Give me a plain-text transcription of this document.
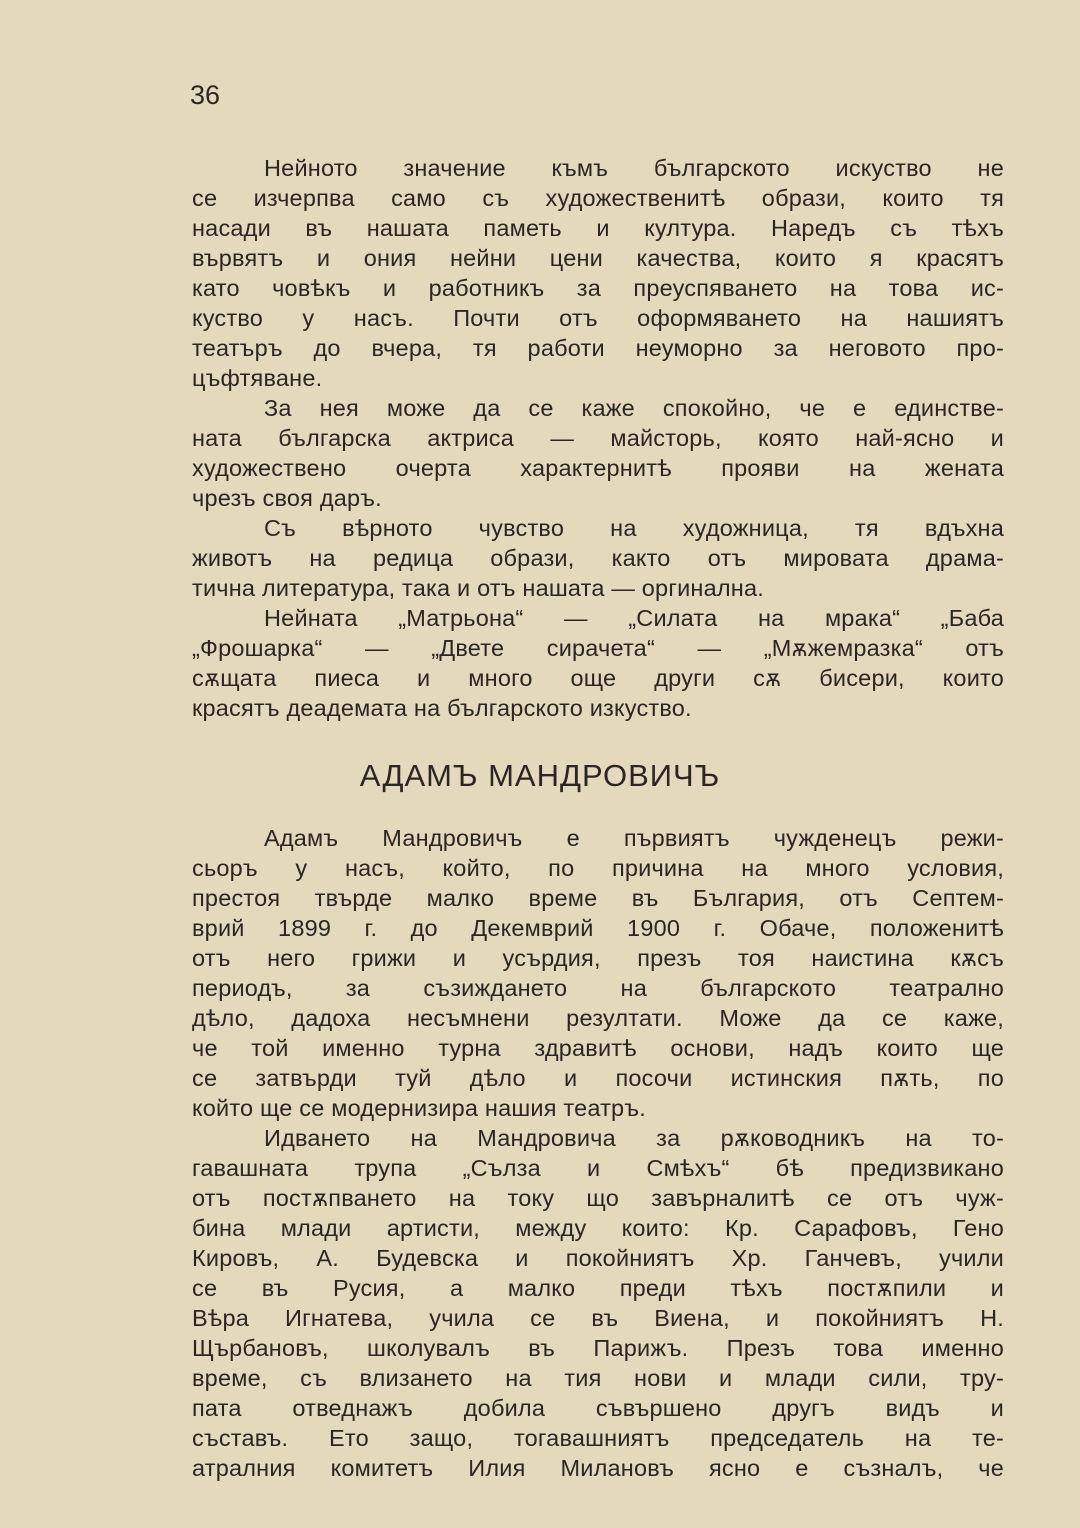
36
Нейното значение къмъ българското искуство не
се изчерпва само съ художественитѣ образи, които тя
насади въ нашата паметь и култура. Наредъ съ тѣхъ
вървятъ и ония нейни цени качества, които я красятъ
като човѣкъ и работникъ за преуспяването на това ис-
куство у насъ. Почти отъ оформяването на нашиятъ
театъръ до вчера, тя работи неуморно за неговото про-
цъфтяване.
За нея може да се каже спокойно, че е единстве-
ната българска актриса — майсторь, която най-ясно и
художествено очерта характернитѣ прояви на жената
чрезъ своя даръ.
Съ вѣрното чувство на художница, тя вдъхна
животъ на редица образи, както отъ мировата драма-
тична литература, така и отъ нашата — оргинална.
Нейната „Матрьона“ — „Силата на мрака“ „Баба
„Фрошарка“ — „Двете сирачета“ — „Мѫжемразка“ отъ
сѫщата пиеса и много още други сѫ бисери, които
красятъ деадемата на българското изкуство.
АДАМЪ МАНДРОВИЧЪ
Адамъ Мандровичъ е първиятъ чужденецъ режи-
сьоръ у насъ, който, по причина на много условия,
престоя твърде малко време въ България, отъ Септем-
врий 1899 г. до Декемврий 1900 г. Обаче, положенитѣ
отъ него грижи и усърдия, презъ тоя наистина кѫсъ
периодъ, за съзиждането на българското театрално
дѣло, дадоха несъмнени резултати. Може да се каже,
че той именно турна здравитѣ основи, надъ които ще
се затвърди туй дѣло и посочи истинския пѫть, по
който ще се модернизира нашия театръ.
Идването на Мандровича за рѫководникъ на то-
гавашната трупа „Сълза и Смѣхъ“ бѣ предизвикано
отъ постѫпването на току що завърналитѣ се отъ чуж-
бина млади артисти, между които: Кр. Сарафовъ, Гено
Кировъ, А. Будевска и покойниятъ Хр. Ганчевъ, учили
се въ Русия, а малко преди тѣхъ постѫпили и
Вѣра Игнатева, учила се въ Виена, и покойниятъ Н.
Щърбановъ, школувалъ въ Парижъ. Презъ това именно
време, съ влизането на тия нови и млади сили, тру-
пата отведнажъ добила съвършено другъ видъ и
съставъ. Ето защо, тогавашниятъ председатель на те-
атралния комитетъ Илия Милановъ ясно е съзналъ, че
